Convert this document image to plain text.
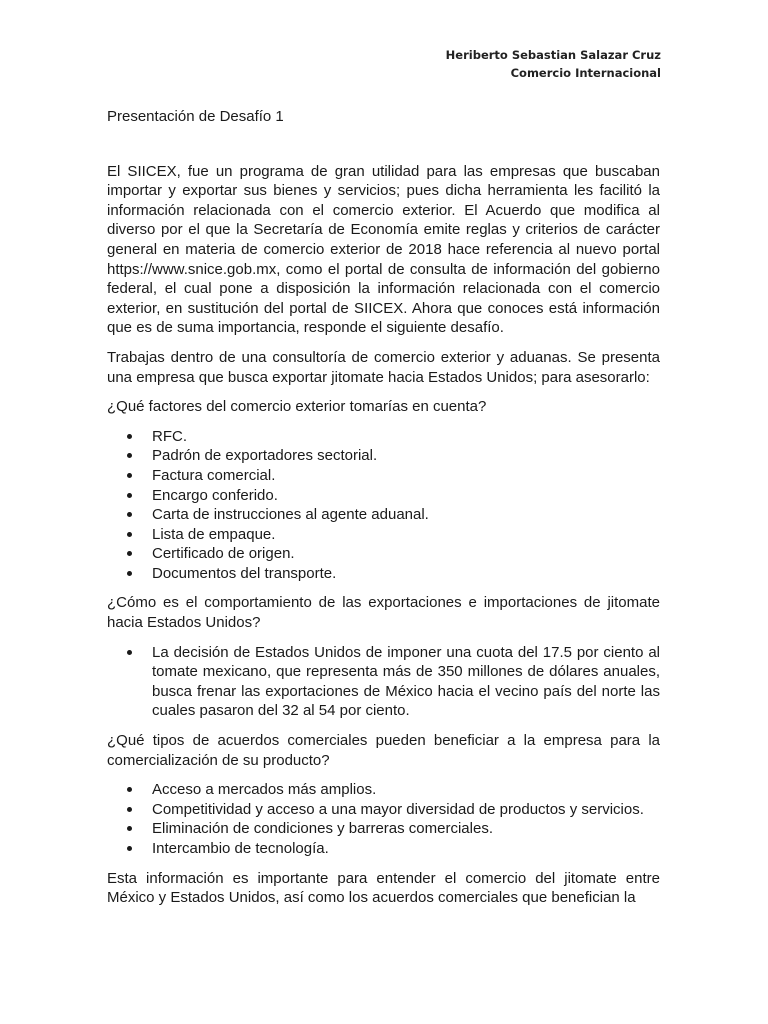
Heriberto Sebastian Salazar Cruz
Comercio Internacional
Presentación de Desafío 1

El SIICEX, fue un programa de gran utilidad para las empresas que buscaban importar y exportar sus bienes y servicios; pues dicha herramienta les facilitó la información relacionada con el comercio exterior. El Acuerdo que modifica al diverso por el que la Secretaría de Economía emite reglas y criterios de carácter general en materia de comercio exterior de 2018 hace referencia al nuevo portal https://www.snice.gob.mx, como el portal de consulta de información del gobierno federal, el cual pone a disposición la información relacionada con el comercio exterior, en sustitución del portal de SIICEX. Ahora que conoces está información que es de suma importancia, responde el siguiente desafío.

Trabajas dentro de una consultoría de comercio exterior y aduanas. Se presenta una empresa que busca exportar jitomate hacia Estados Unidos; para asesorarlo:

¿Qué factores del comercio exterior tomarías en cuenta?

RFC.
Padrón de exportadores sectorial.
Factura comercial.
Encargo conferido.
Carta de instrucciones al agente aduanal.
Lista de empaque.
Certificado de origen.
Documentos del transporte.

¿Cómo es el comportamiento de las exportaciones e importaciones de jitomate hacia Estados Unidos?

La decisión de Estados Unidos de imponer una cuota del 17.5 por ciento al tomate mexicano, que representa más de 350 millones de dólares anuales, busca frenar las exportaciones de México hacia el vecino país del norte las cuales pasaron del 32 al 54 por ciento.

¿Qué tipos de acuerdos comerciales pueden beneficiar a la empresa para la comercialización de su producto?

Acceso a mercados más amplios.
Competitividad y acceso a una mayor diversidad de productos y servicios.
Eliminación de condiciones y barreras comerciales.
Intercambio de tecnología.

Esta información es importante para entender el comercio del jitomate entre México y Estados Unidos, así como los acuerdos comerciales que benefician la
